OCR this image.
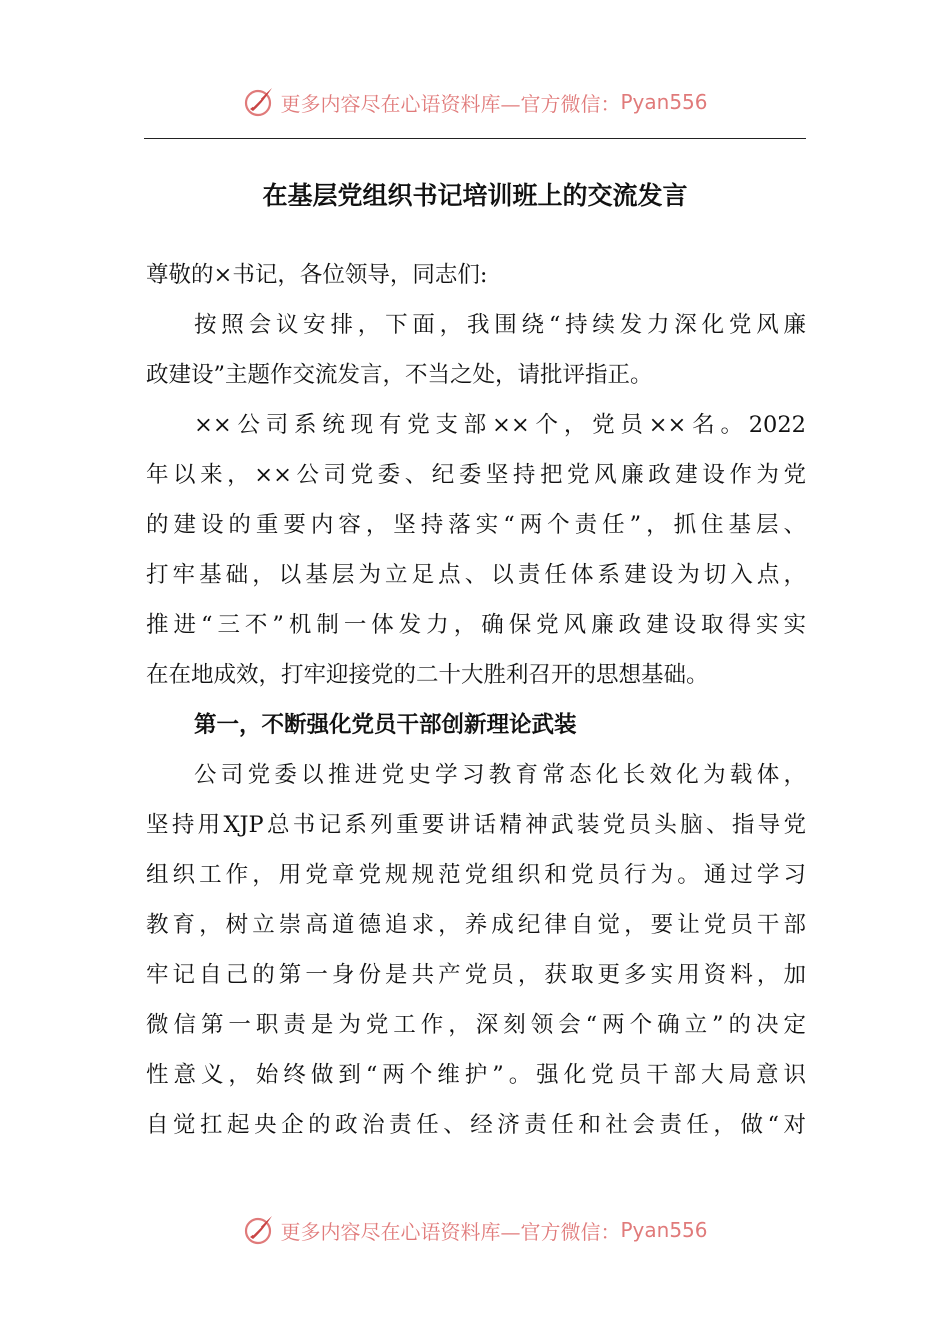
更多内容尽在心语资料库 —官方微信： Pyan556
在基层党组织书记培训班上的交流发言
尊敬的×书记，各位领导，同志们:
按照会议安排，下面，我围绕“持续发力深化党风廉
政建设”主题作交流发言，不当之处，请批评指正。
××公司系统现有党支部××个，党员××名。2022
年以来，××公司党委、纪委坚持把党风廉政建设作为党
的建设的重要内容，坚持落实“两个责任”，抓住基层、
打牢基础，以基层为立足点、以责任体系建设为切入点，
推进“三不”机制一体发力，确保党风廉政建设取得实实
在在地成效，打牢迎接党的二十大胜利召开的思想基础。
第一，不断强化党员干部创新理论武装
公司党委以推进党史学习教育常态化长效化为载体，
坚持用XJP总书记系列重要讲话精神武装党员头脑、指导党
组织工作，用党章党规规范党组织和党员行为。通过学习
教育，树立崇高道德追求，养成纪律自觉，要让党员干部
牢记自己的第一身份是共产党员，获取更多实用资料，加
微信第一职责是为党工作，深刻领会“两个确立”的决定
性意义，始终做到“两个维护”。强化党员干部大局意识
自觉扛起央企的政治责任、经济责任和社会责任，做“对
更多内容尽在心语资料库 —官方微信： Pyan556
